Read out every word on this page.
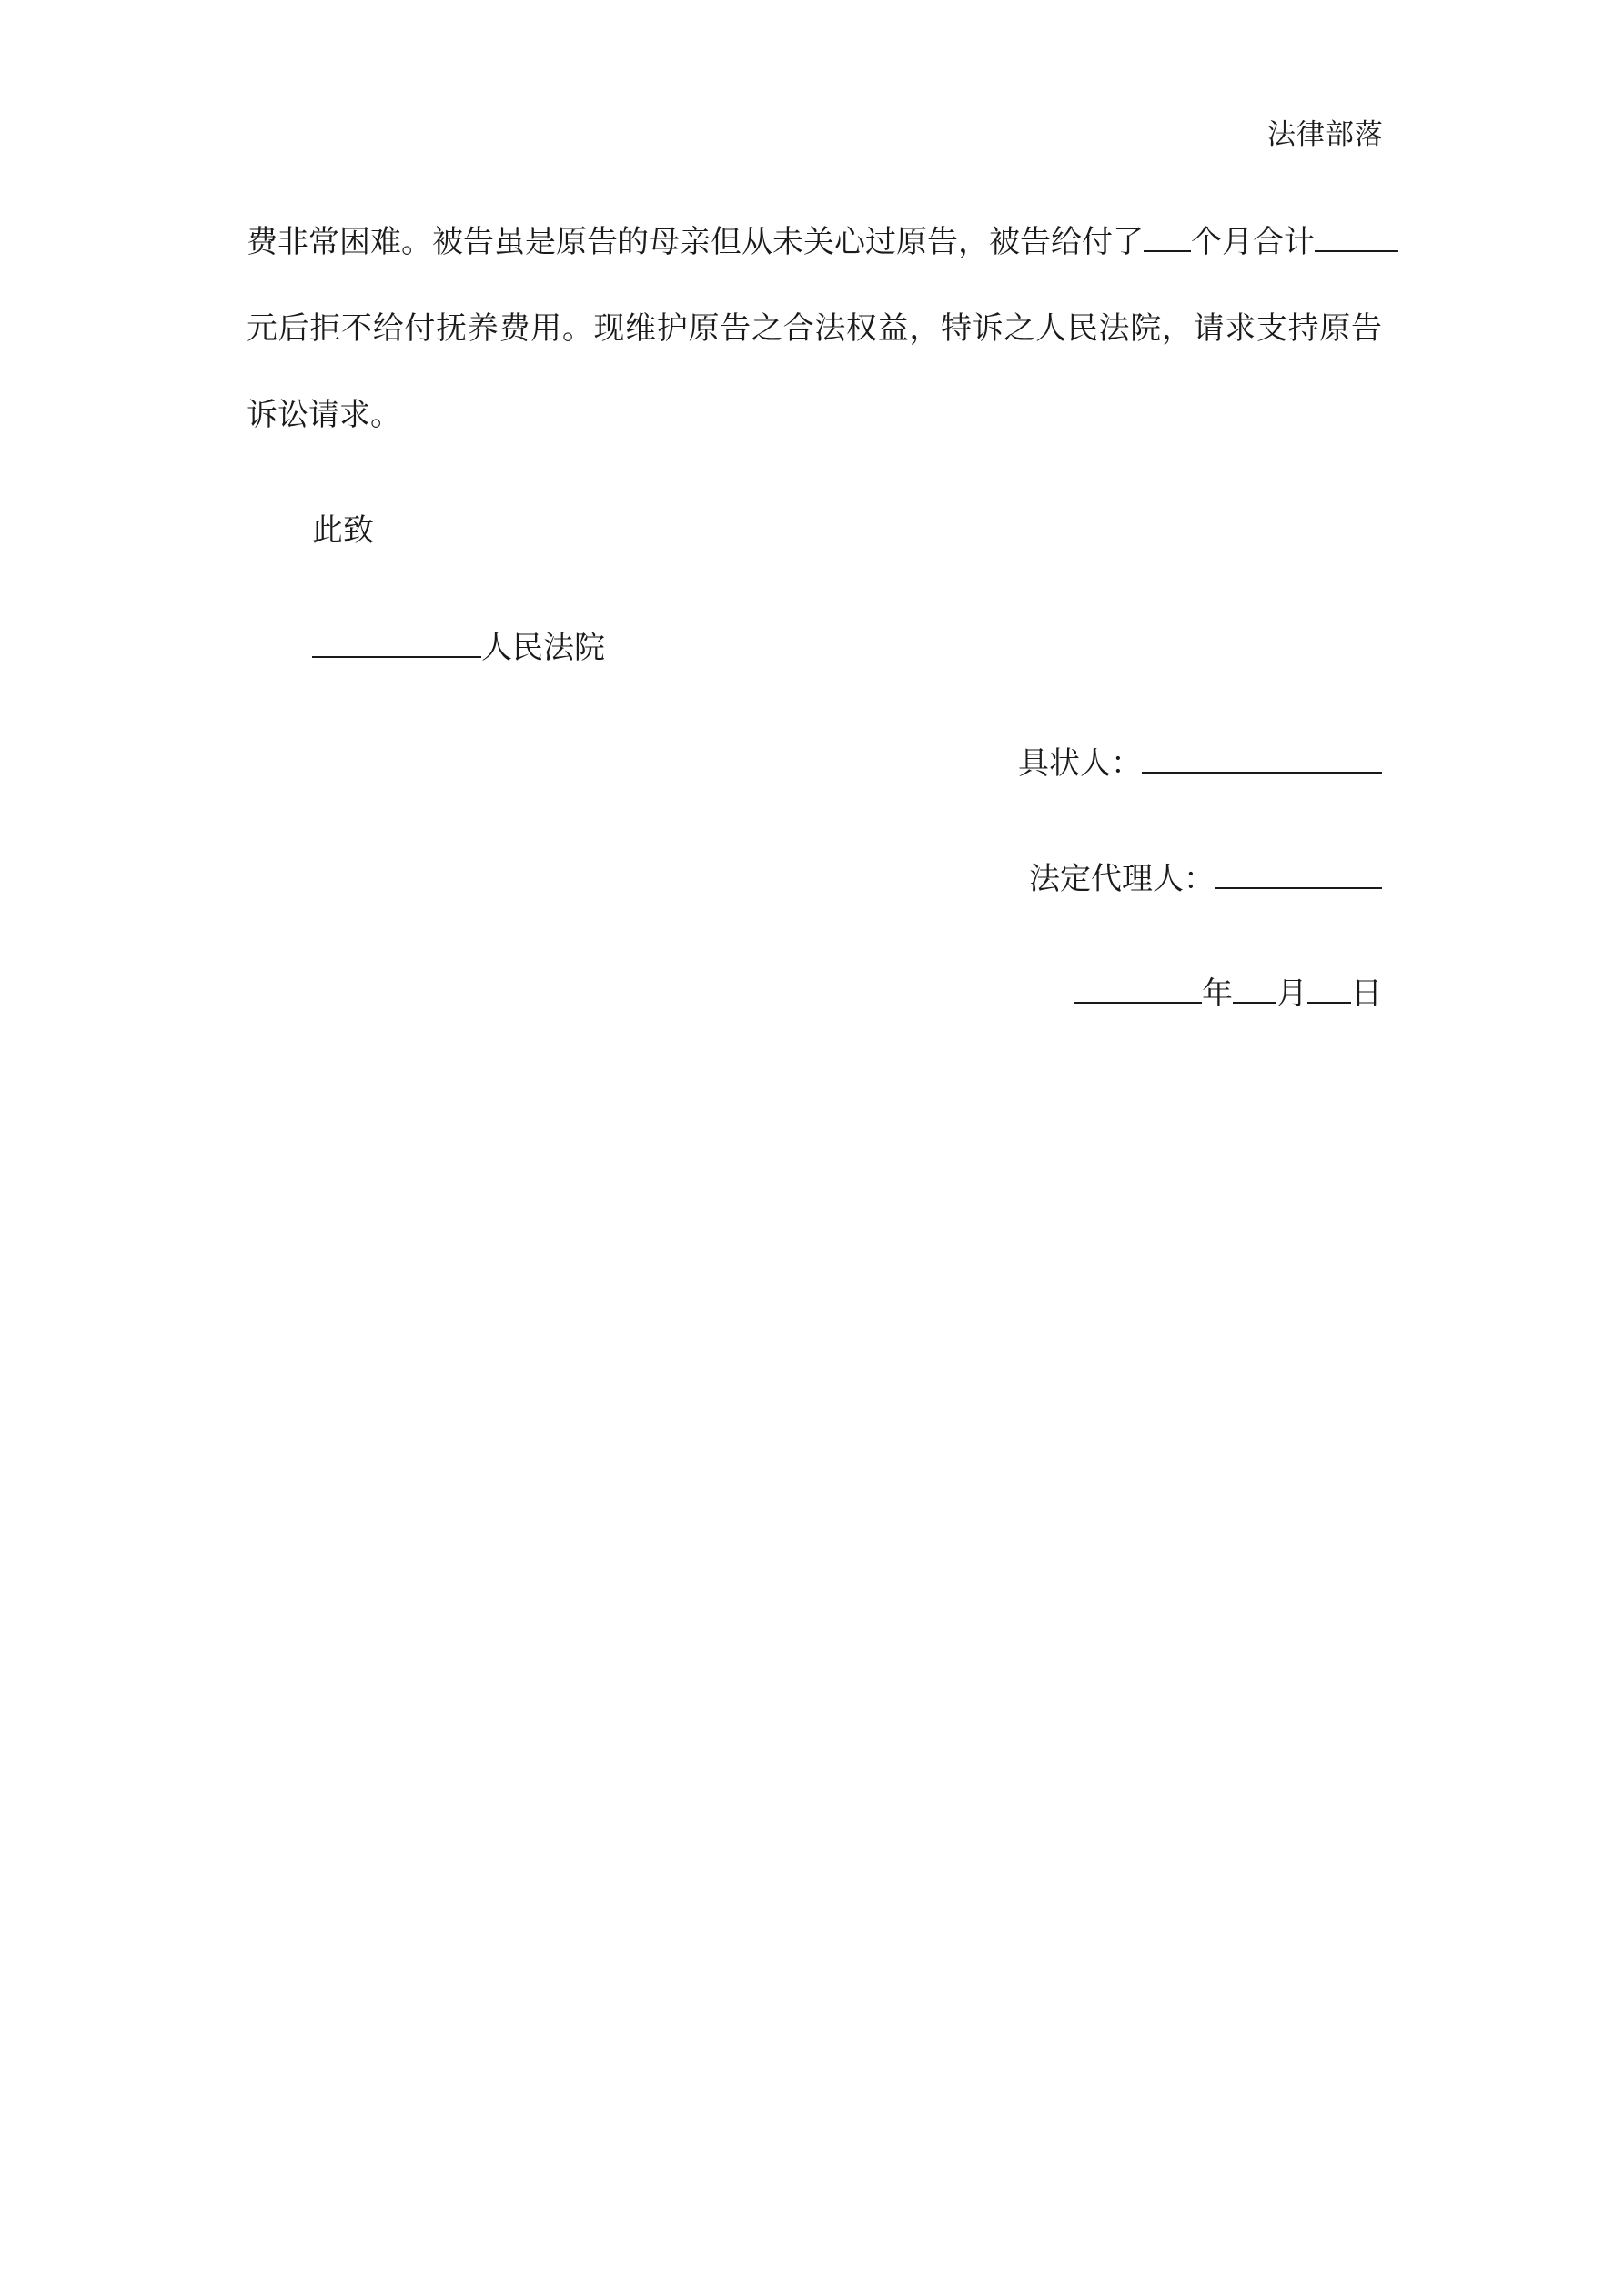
法律部落
费非常困难。被告虽是原告的母亲但从未关心过原告，被告给付了 个月合计
元后拒不给付抚养费用。现维护原告之合法权益，特诉之人民法院，请求支持原告
诉讼请求。
此致
人民法院
具状人：
法定代理人：
年 月 日
